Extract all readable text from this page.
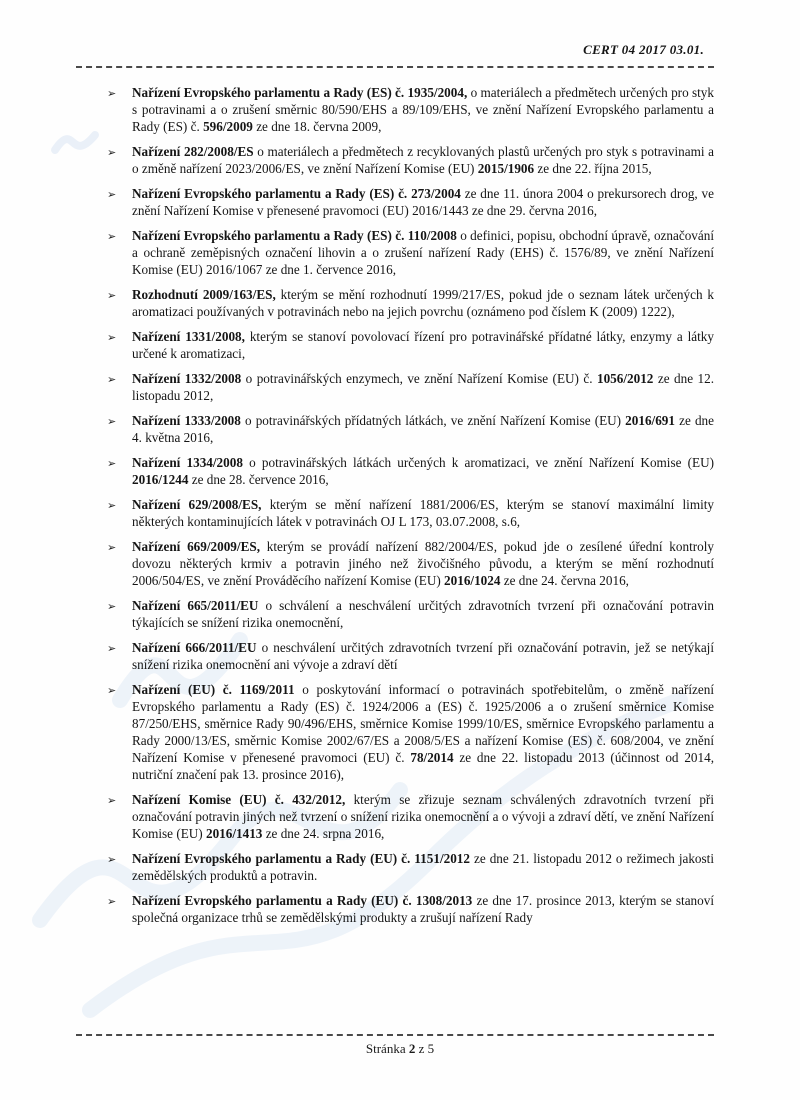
CERT 04 2017 03.01.
➢ Nařízení Evropského parlamentu a Rady (ES) č. 1935/2004, o materiálech a předmětech určených pro styk s potravinami a o zrušení směrnic 80/590/EHS a 89/109/EHS, ve znění Nařízení Evropského parlamentu a Rady (ES) č. 596/2009 ze dne 18. června 2009,
➢ Nařízení 282/2008/ES o materiálech a předmětech z recyklovaných plastů určených pro styk s potravinami a o změně nařízení 2023/2006/ES, ve znění Nařízení Komise (EU) 2015/1906 ze dne 22. října 2015,
➢ Nařízení Evropského parlamentu a Rady (ES) č. 273/2004 ze dne 11. února 2004 o prekursorech drog, ve znění Nařízení Komise v přenesené pravomoci (EU) 2016/1443 ze dne 29. června 2016,
➢ Nařízení Evropského parlamentu a Rady (ES) č. 110/2008 o definici, popisu, obchodní úpravě, označování a ochraně zeměpisných označení lihovin a o zrušení nařízení Rady (EHS) č. 1576/89, ve znění Nařízení Komise (EU) 2016/1067 ze dne 1. července 2016,
➢ Rozhodnutí 2009/163/ES, kterým se mění rozhodnutí 1999/217/ES, pokud jde o seznam látek určených k aromatizaci používaných v potravinách nebo na jejich povrchu (oznámeno pod číslem K (2009) 1222),
➢ Nařízení 1331/2008, kterým se stanoví povolovací řízení pro potravinářské přídatné látky, enzymy a látky určené k aromatizaci,
➢ Nařízení 1332/2008 o potravinářských enzymech, ve znění Nařízení Komise (EU) č. 1056/2012 ze dne 12. listopadu 2012,
➢ Nařízení 1333/2008 o potravinářských přídatných látkách, ve znění Nařízení Komise (EU) 2016/691 ze dne 4. května 2016,
➢ Nařízení 1334/2008 o potravinářských látkách určených k aromatizaci, ve znění Nařízení Komise (EU) 2016/1244 ze dne 28. července 2016,
➢ Nařízení 629/2008/ES, kterým se mění nařízení 1881/2006/ES, kterým se stanoví maximální limity některých kontaminujících látek v potravinách OJ L 173, 03.07.2008, s.6,
➢ Nařízení 669/2009/ES, kterým se provádí nařízení 882/2004/ES, pokud jde o zesílené úřední kontroly dovozu některých krmiv a potravin jiného než živočišného původu, a kterým se mění rozhodnutí 2006/504/ES, ve znění Prováděcího nařízení Komise (EU) 2016/1024 ze dne 24. června 2016,
➢ Nařízení 665/2011/EU o schválení a neschválení určitých zdravotních tvrzení při označování potravin týkajících se snížení rizika onemocnění,
➢ Nařízení 666/2011/EU o neschválení určitých zdravotních tvrzení při označování potravin, jež se netýkají snížení rizika onemocnění ani vývoje a zdraví dětí
➢ Nařízení (EU) č. 1169/2011 o poskytování informací o potravinách spotřebitelům, o změně nařízení Evropského parlamentu a Rady (ES) č. 1924/2006 a (ES) č. 1925/2006 a o zrušení směrnice Komise 87/250/EHS, směrnice Rady 90/496/EHS, směrnice Komise 1999/10/ES, směrnice Evropského parlamentu a Rady 2000/13/ES, směrnic Komise 2002/67/ES a 2008/5/ES a nařízení Komise (ES) č. 608/2004, ve znění Nařízení Komise v přenesené pravomoci (EU) č. 78/2014 ze dne 22. listopadu 2013 (účinnost od 2014, nutriční značení pak 13. prosince 2016),
➢ Nařízení Komise (EU) č. 432/2012, kterým se zřizuje seznam schválených zdravotních tvrzení při označování potravin jiných než tvrzení o snížení rizika onemocnění a o vývoji a zdraví dětí, ve znění Nařízení Komise (EU) 2016/1413 ze dne 24. srpna 2016,
➢ Nařízení Evropského parlamentu a Rady (EU) č. 1151/2012 ze dne 21. listopadu 2012 o režimech jakosti zemědělských produktů a potravin.
➢ Nařízení Evropského parlamentu a Rady (EU) č. 1308/2013 ze dne 17. prosince 2013, kterým se stanoví společná organizace trhů se zemědělskými produkty a zrušují nařízení Rady
Stránka 2 z 5
